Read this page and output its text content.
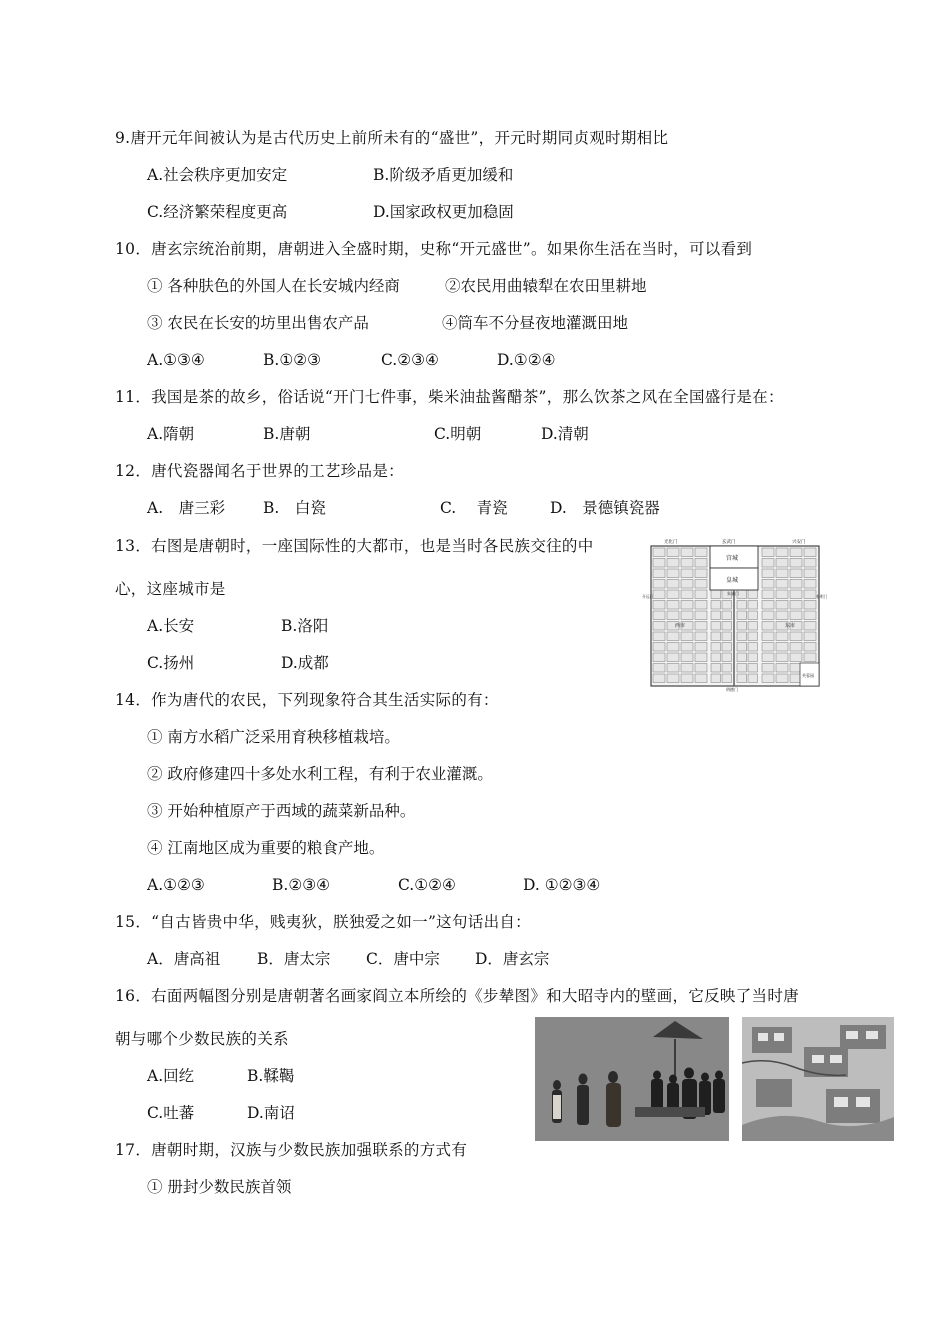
9.唐开元年间被认为是古代历史上前所未有的“盛世”，开元时期同贞观时期相比
A.社会秩序更加安定	B.阶级矛盾更加缓和
C.经济繁荣程度更高	D.国家政权更加稳固
10．唐玄宗统治前期，唐朝进入全盛时期，史称“开元盛世”。如果你生活在当时，可以看到
① 各种肤色的外国人在长安城内经商	②农民用曲辕犁在农田里耕地
③ 农民在长安的坊里出售农产品	④筒车不分昼夜地灌溉田地
A.①③④	B.①②③	C.②③④	D.①②④
11．我国是茶的故乡，俗话说“开门七件事，柴米油盐酱醋茶”，那么饮茶之风在全国盛行是在：
A.隋朝	B.唐朝	C.明朝	D.清朝
12．唐代瓷器闻名于世界的工艺珍品是：
A.　唐三彩 B.　白瓷	C.　 青瓷	D.　景德镇瓷器
13．右图是唐朝时，一座国际性的大都市，也是当时各民族交往的中
心，这座城市是
A.长安	B.洛阳
C.扬州	D.成都
光化门	玄武门	兴安门
宫城
皇城
朱雀门
明德门
开远门	春明门
西市	东市
芙蓉园
14．作为唐代的农民，下列现象符合其生活实际的有：
① 南方水稻广泛采用育秧移植栽培。
② 政府修建四十多处水利工程，有利于农业灌溉。
③ 开始种植原产于西域的蔬菜新品种。
④ 江南地区成为重要的粮食产地。
A.①②③	B.②③④	C.①②④	D. ①②③④
15．“自古皆贵中华，贱夷狄，朕独爱之如一”这句话出自：
A．唐高祖 B．唐太宗 C．唐中宗 D．唐玄宗
16．右面两幅图分别是唐朝著名画家阎立本所绘的《步辇图》和大昭寺内的壁画，它反映了当时唐
朝与哪个少数民族的关系
A.回纥	B.鞣鞨
C.吐蕃	D.南诏
17．唐朝时期，汉族与少数民族加强联系的方式有
① 册封少数民族首领
